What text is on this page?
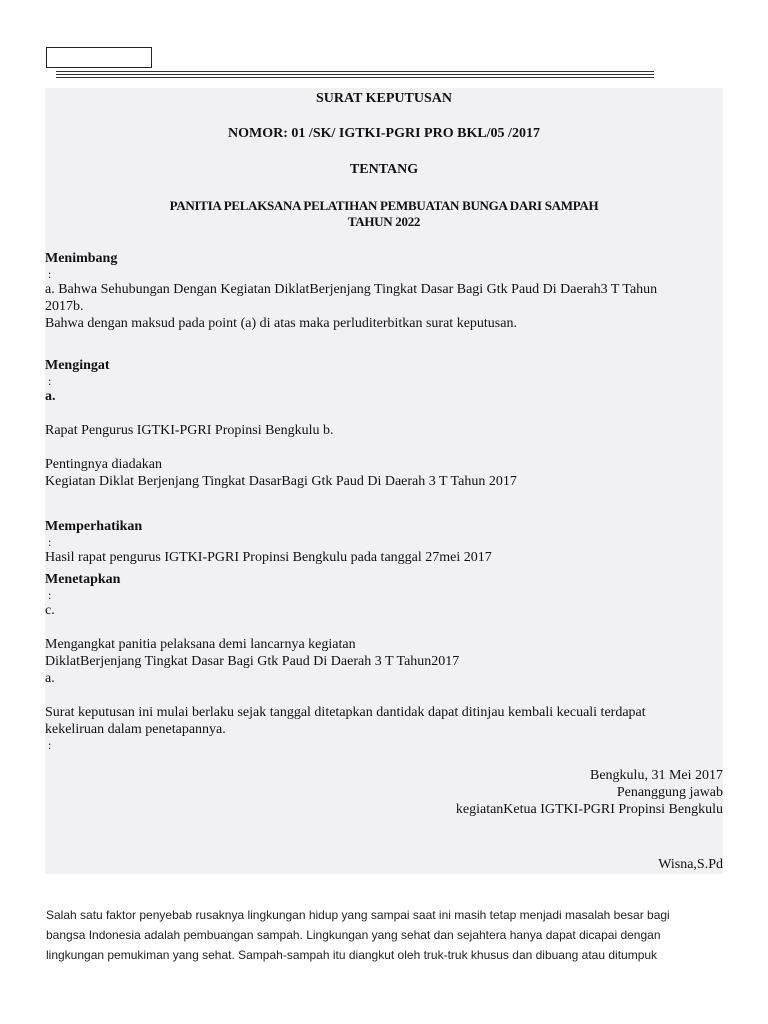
SURAT KEPUTUSAN
NOMOR: 01 /SK/ IGTKI-PGRI PRO BKL/05 /2017
TENTANG
PANITIA PELAKSANA PELATIHAN PEMBUATAN BUNGA DARI SAMPAH
TAHUN 2022
Menimbang
:
a. Bahwa Sehubungan Dengan Kegiatan DiklatBerjenjang Tingkat Dasar Bagi Gtk Paud Di Daerah3 T Tahun
2017b.
Bahwa dengan maksud pada point (a) di atas maka perluditerbitkan surat keputusan.
Mengingat
:
a.
Rapat Pengurus IGTKI-PGRI Propinsi Bengkulu b.
Pentingnya diadakan
Kegiatan Diklat Berjenjang Tingkat DasarBagi Gtk Paud Di Daerah 3 T Tahun 2017
Memperhatikan
:
Hasil rapat pengurus IGTKI-PGRI Propinsi Bengkulu pada tanggal 27mei 2017
Menetapkan
:
c.
Mengangkat panitia pelaksana demi lancarnya kegiatan
DiklatBerjenjang Tingkat Dasar Bagi Gtk Paud Di Daerah 3 T Tahun2017
a.
Surat keputusan ini mulai berlaku sejak tanggal ditetapkan dantidak dapat ditinjau kembali kecuali terdapat
kekeliruan dalam penetapannya.
:
Bengkulu, 31 Mei 2017
Penanggung jawab
kegiatanKetua IGTKI-PGRI Propinsi Bengkulu
Wisna,S.Pd
Salah satu faktor penyebab rusaknya lingkungan hidup yang sampai saat ini masih tetap menjadi masalah besar bagi
bangsa Indonesia adalah pembuangan sampah. Lingkungan yang sehat dan sejahtera hanya dapat dicapai dengan
lingkungan pemukiman yang sehat. Sampah-sampah itu diangkut oleh truk-truk khusus dan dibuang atau ditumpuk
